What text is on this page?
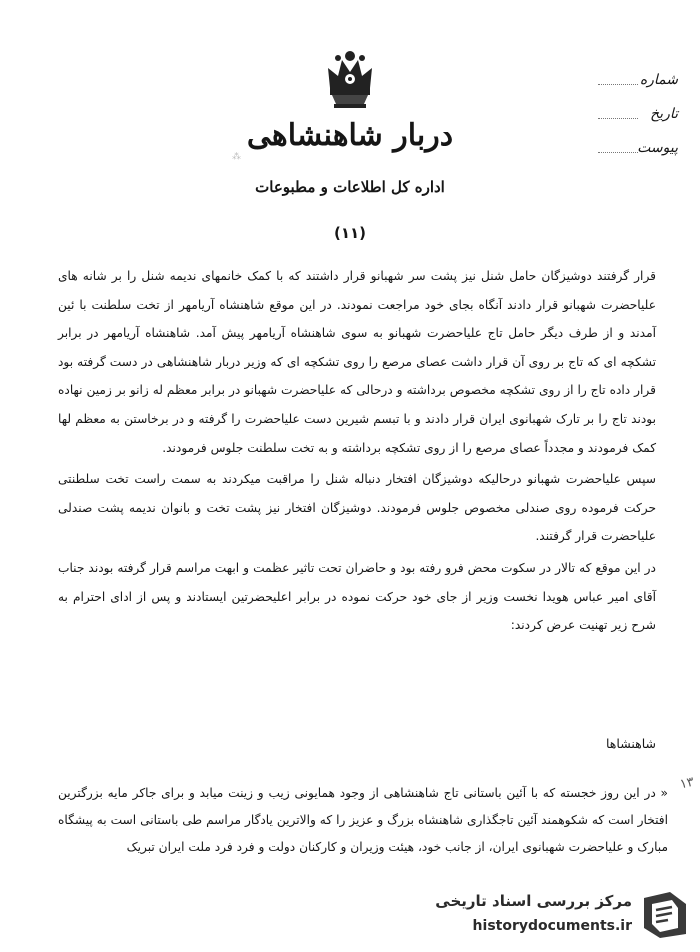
دربار شاهنشاهی
⁂
اداره کل اطلاعات و مطبوعات
(۱۱)
شماره
تاریخ
پیوست

قرار گرفتند دوشیزگان حامل شنل نیز پشت سر شهبانو قرار داشتند که با کمک خانمهای ندیمه شنل را بر شانه های علیاحضرت شهبانو قرار دادند آنگاه بجای خود مراجعت نمودند. در این موقع شاهنشاه آریامهر از تخت سلطنت با ئین آمدند و از طرف دیگر حامل تاج علیاحضرت شهبانو به سوی شاهنشاه آریامهر پیش آمد. شاهنشاه آریامهر در برابر تشکچه ای که تاج بر روی آن قرار داشت عصای مرصع را روی تشکچه ای که وزیر دربار شاهنشاهی در دست گرفته بود قرار داده تاج را از روی تشکچه مخصوص برداشته و درحالی که علیاحضرت شهبانو در برابر معظم له زانو بر زمین نهاده بودند تاج را بر تارک شهبانوی ایران قرار دادند و با تبسم شیرین دست علیاحضرت را گرفته و در برخاستن به معظم لها کمک فرمودند و مجدداً عصای مرصع را از روی تشکچه برداشته و به تخت سلطنت جلوس فرمودند.

سپس علیاحضرت شهبانو درحالیکه دوشیزگان افتخار دنباله شنل را مراقبت میکردند به سمت راست تخت سلطنتی حرکت فرموده روی صندلی مخصوص جلوس فرمودند. دوشیزگان افتخار نیز پشت تخت و بانوان ندیمه پشت صندلی علیاحضرت قرار گرفتند.

در این موقع که تالار در سکوت محض فرو رفته بود و حاضران تحت تاثیر عظمت و ابهت مراسم قرار گرفته بودند جناب آقای امیر عباس هویدا نخست وزیر از جای خود حرکت نموده در برابر اعلیحضرتین ایستادند و پس از ادای احترام به شرح زیر تهنیت عرض کردند:

شاهنشاها
۱۳

« در این روز خجسته که با آئین باستانی تاج شاهنشاهی از وجود همایونی زیب و زینت میابد و برای جاکر مایه بزرگترین افتخار است که شکوهمند آئین تاجگذاری شاهنشاه بزرگ و عزیز را که والاترین یادگار مراسم طی باستانی است به پیشگاه مبارک و علیاحضرت شهبانوی ایران، از جانب خود، هیئت وزیران و کارکنان دولت و فرد فرد ملت ایران تبریک

مرکز بررسی اسناد تاریخی
historydocuments.ir
